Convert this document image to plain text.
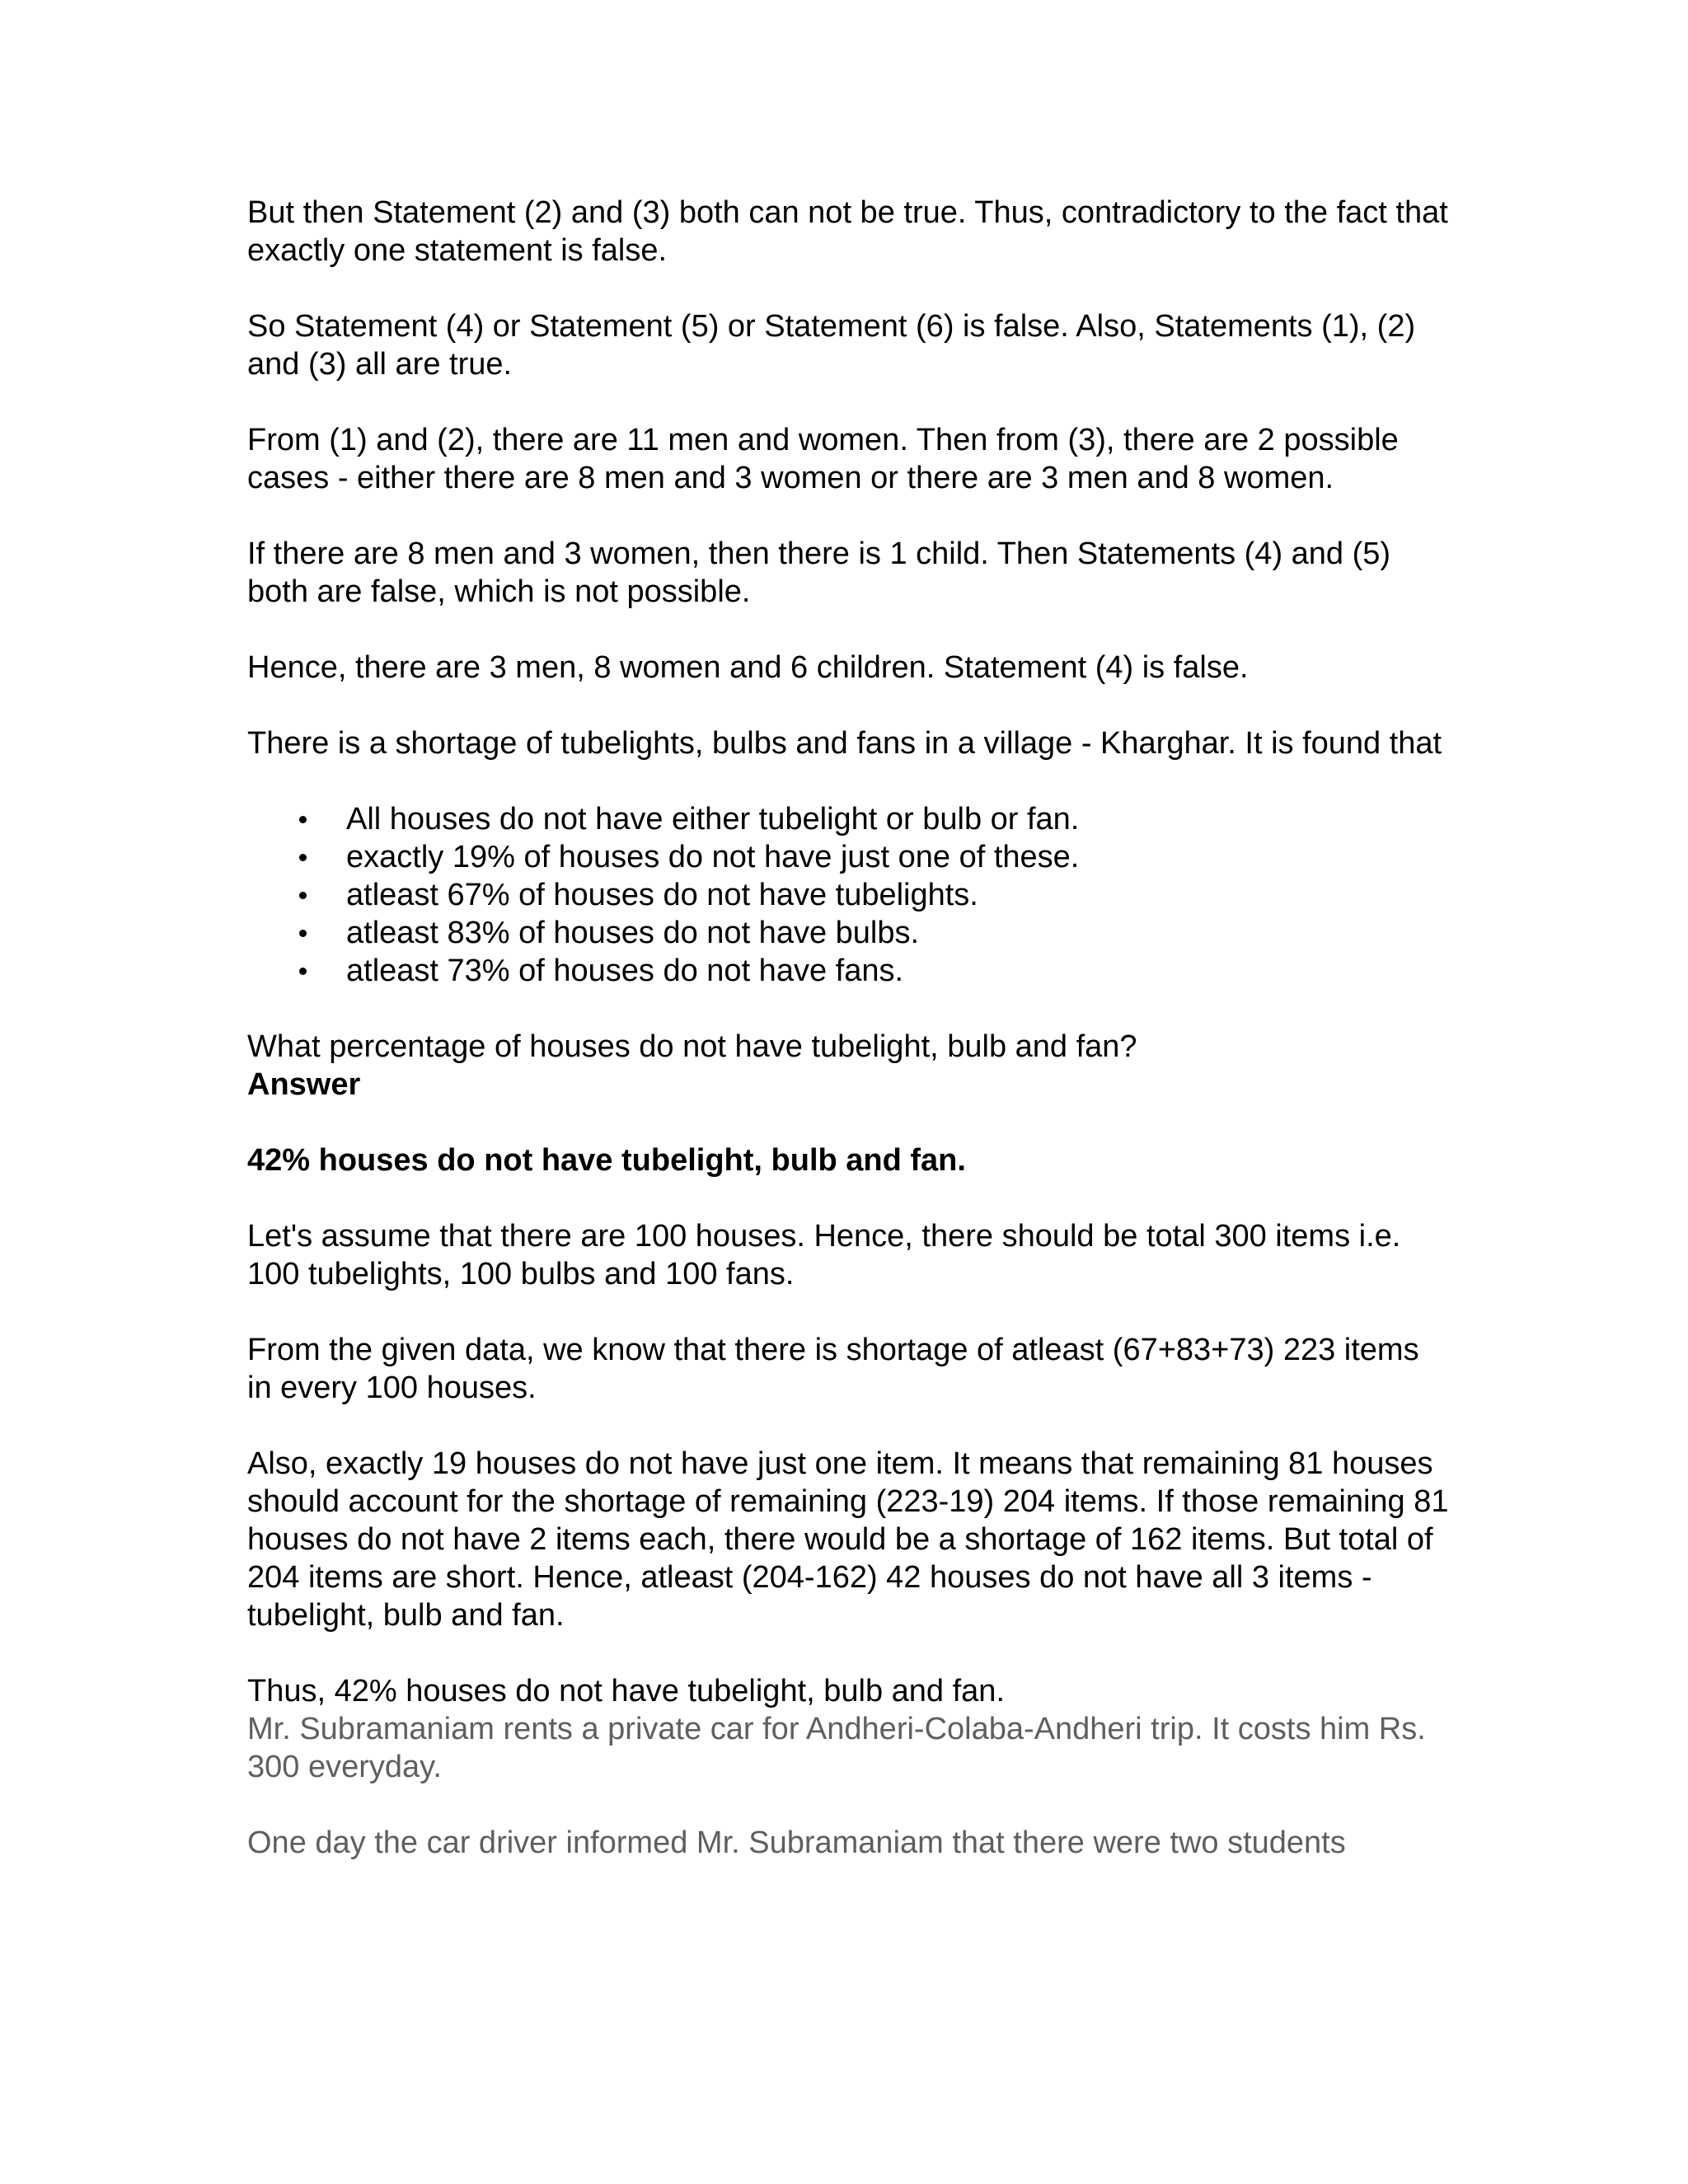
But then Statement (2) and (3) both can not be true. Thus, contradictory to the fact that exactly one statement is false.

So Statement (4) or Statement (5) or Statement (6) is false. Also, Statements (1), (2) and (3) all are true.

From (1) and (2), there are 11 men and women. Then from (3), there are 2 possible cases - either there are 8 men and 3 women or there are 3 men and 8 women.

If there are 8 men and 3 women, then there is 1 child. Then Statements (4) and (5) both are false, which is not possible.

Hence, there are 3 men, 8 women and 6 children. Statement (4) is false.

There is a shortage of tubelights, bulbs and fans in a village - Kharghar. It is found that

All houses do not have either tubelight or bulb or fan.
exactly 19% of houses do not have just one of these.
atleast 67% of houses do not have tubelights.
atleast 83% of houses do not have bulbs.
atleast 73% of houses do not have fans.

What percentage of houses do not have tubelight, bulb and fan?

Answer

42% houses do not have tubelight, bulb and fan.

Let's assume that there are 100 houses. Hence, there should be total 300 items i.e. 100 tubelights, 100 bulbs and 100 fans.

From the given data, we know that there is shortage of atleast (67+83+73) 223 items in every 100 houses.

Also, exactly 19 houses do not have just one item. It means that remaining 81 houses should account for the shortage of remaining (223-19) 204 items. If those remaining 81 houses do not have 2 items each, there would be a shortage of 162 items. But total of 204 items are short. Hence, atleast (204-162) 42 houses do not have all 3 items - tubelight, bulb and fan.

Thus, 42% houses do not have tubelight, bulb and fan.

Mr. Subramaniam rents a private car for Andheri-Colaba-Andheri trip. It costs him Rs. 300 everyday.

One day the car driver informed Mr. Subramaniam that there were two students
